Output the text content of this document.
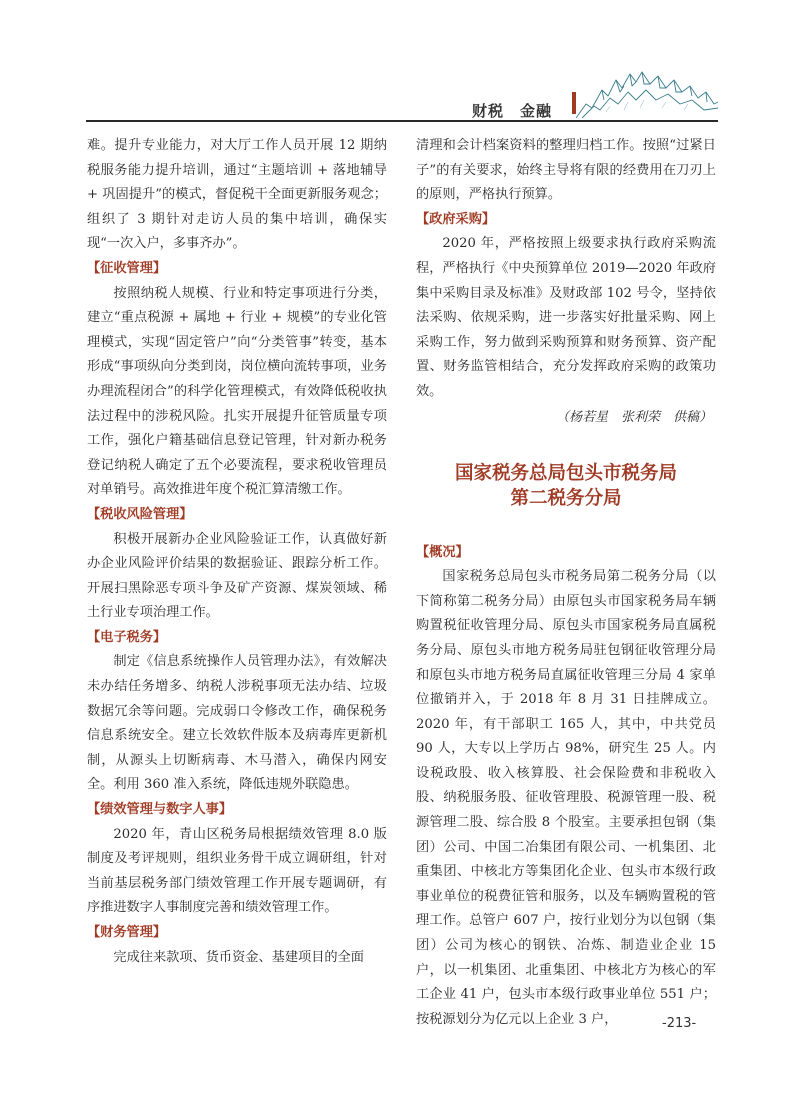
财税　金融

难。提升专业能力，对大厅工作人员开展 12 期纳税服务能力提升培训，通过“主题培训 + 落地辅导 + 巩固提升”的模式，督促税干全面更新服务观念；组织了 3 期针对走访人员的集中培训，确保实现“一次入户，多事齐办”。

【征收管理】

按照纳税人规模、行业和特定事项进行分类，建立“重点税源 + 属地 + 行业 + 规模”的专业化管理模式，实现“固定管户”向“分类管事”转变，基本形成“事项纵向分类到岗，岗位横向流转事项，业务办理流程闭合”的科学化管理模式，有效降低税收执法过程中的涉税风险。扎实开展提升征管质量专项工作，强化户籍基础信息登记管理，针对新办税务登记纳税人确定了五个必要流程，要求税收管理员对单销号。高效推进年度个税汇算清缴工作。

【税收风险管理】

积极开展新办企业风险验证工作，认真做好新办企业风险评价结果的数据验证、跟踪分析工作。开展扫黑除恶专项斗争及矿产资源、煤炭领域、稀土行业专项治理工作。

【电子税务】

制定《信息系统操作人员管理办法》，有效解决未办结任务增多、纳税人涉税事项无法办结、垃圾数据冗余等问题。完成弱口令修改工作，确保税务信息系统安全。建立长效软件版本及病毒库更新机制，从源头上切断病毒、木马潜入，确保内网安全。利用 360 准入系统，降低违规外联隐患。

【绩效管理与数字人事】

2020 年，青山区税务局根据绩效管理 8.0 版制度及考评规则，组织业务骨干成立调研组，针对当前基层税务部门绩效管理工作开展专题调研，有序推进数字人事制度完善和绩效管理工作。

【财务管理】

完成往来款项、货币资金、基建项目的全面

清理和会计档案资料的整理归档工作。按照“过紧日子”的有关要求，始终主导将有限的经费用在刀刃上的原则，严格执行预算。

【政府采购】

2020 年，严格按照上级要求执行政府采购流程，严格执行《中央预算单位 2019—2020 年政府集中采购目录及标准》及财政部 102 号令，坚持依法采购、依规采购，进一步落实好批量采购、网上采购工作，努力做到采购预算和财务预算、资产配置、财务监管相结合，充分发挥政府采购的政策功效。

（杨若星　张利荣　供稿）
国家税务总局包头市税务局
第二税务分局
【概况】

国家税务总局包头市税务局第二税务分局（以下简称第二税务分局）由原包头市国家税务局车辆购置税征收管理分局、原包头市国家税务局直属税务分局、原包头市地方税务局驻包钢征收管理分局和原包头市地方税务局直属征收管理三分局 4 家单位撤销并入，于 2018 年 8 月 31 日挂牌成立。2020 年，有干部职工 165 人，其中，中共党员 90 人，大专以上学历占 98%，研究生 25 人。内设税政股、收入核算股、社会保险费和非税收入股、纳税服务股、征收管理股、税源管理一股、税源管理二股、综合股 8 个股室。主要承担包钢（集团）公司、中国二冶集团有限公司、一机集团、北重集团、中核北方等集团化企业、包头市本级行政事业单位的税费征管和服务，以及车辆购置税的管理工作。总管户 607 户，按行业划分为以包钢（集团）公司为核心的钢铁、冶炼、制造业企业 15 户，以一机集团、北重集团、中核北方为核心的军工企业 41 户，包头市本级行政事业单位 551 户；按税源划分为亿元以上企业 3 户，	-213-
